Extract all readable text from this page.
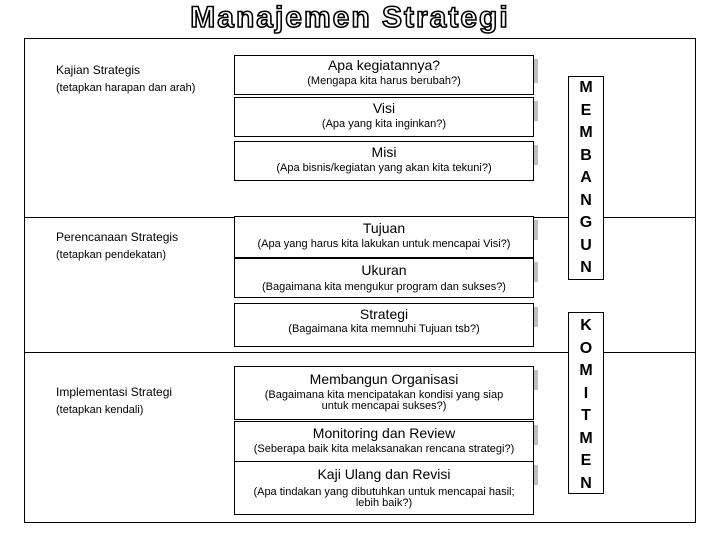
Manajemen Strategi
Kajian Strategis
(tetapkan harapan dan arah)
Perencanaan Strategis
(tetapkan pendekatan)
Implementasi Strategi
(tetapkan kendali)
Apa kegiatannya?
(Mengapa kita harus berubah?)
Visi
(Apa yang kita inginkan?)
Misi
(Apa bisnis/kegiatan yang akan kita tekuni?)
Tujuan
(Apa yang harus kita lakukan untuk mencapai Visi?)
Ukuran
(Bagaimana kita mengukur program dan sukses?)
Strategi
(Bagaimana kita memnuhi Tujuan tsb?)
Membangun Organisasi
(Bagaimana kita mencipatakan kondisi yang siap untuk mencapai sukses?)
Monitoring dan Review
(Seberapa baik kita melaksanakan rencana strategi?)
Kaji Ulang dan Revisi
(Apa tindakan yang dibutuhkan untuk mencapai hasil; lebih baik?)
M
E
M
B
A
N
G
U
N
K
O
M
I
T
M
E
N
